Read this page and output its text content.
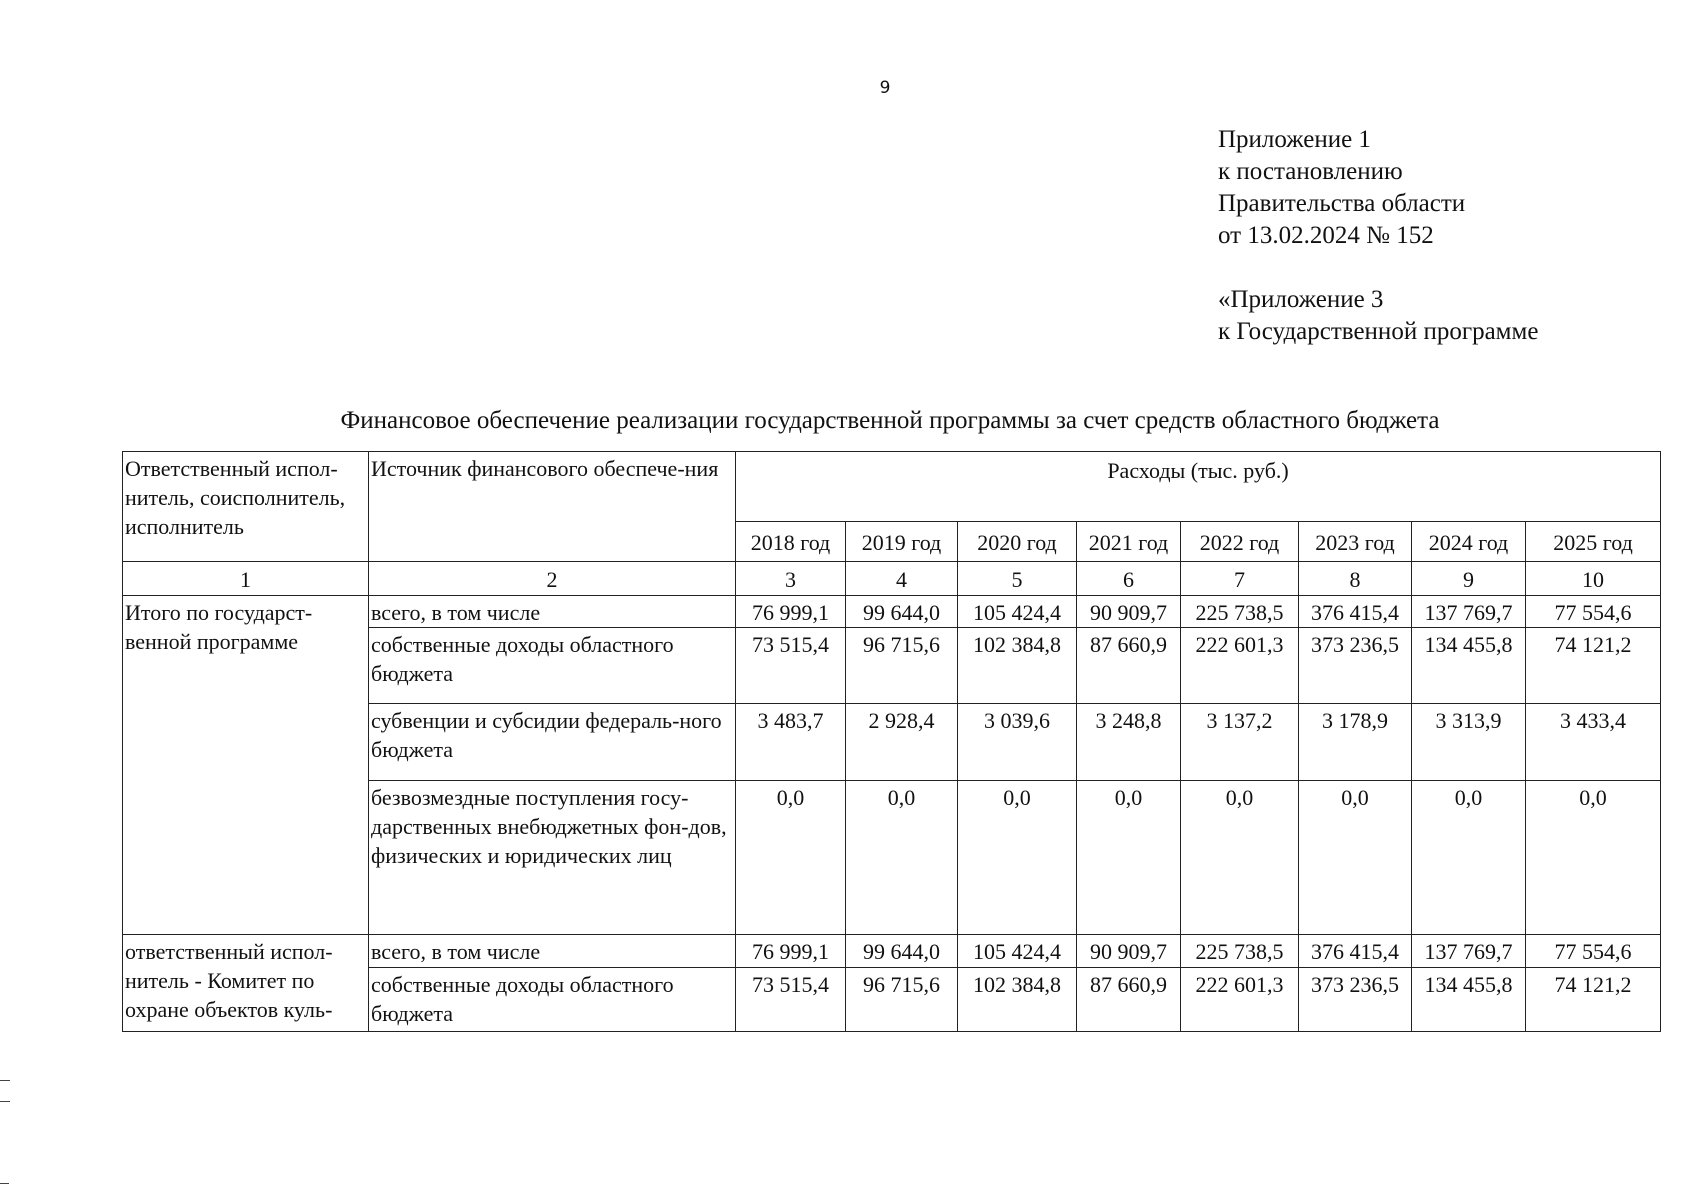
9
Приложение 1
к постановлению
Правительства области
от 13.02.2024 № 152
«Приложение 3
к Государственной программе
Финансовое обеспечение реализации государственной программы за счет средств областного бюджета
Ответственный испол-нитель, соисполнитель, исполнитель	Источник финансового обеспече-ния	Расходы (тыс. руб.)							
		2018 год	2019 год	2020 год	2021 год	2022 год	2023 год	2024 год	2025 год
1	2	3	4	5	6	7	8	9	10
Итого по государст-венной программе	всего, в том числе	76 999,1	99 644,0	105 424,4	90 909,7	225 738,5	376 415,4	137 769,7	77 554,6
	собственные доходы областного бюджета	73 515,4	96 715,6	102 384,8	87 660,9	222 601,3	373 236,5	134 455,8	74 121,2
	субвенции и субсидии федераль-ного бюджета	3 483,7	2 928,4	3 039,6	3 248,8	3 137,2	3 178,9	3 313,9	3 433,4
	безвозмездные поступления госу-дарственных внебюджетных фон-дов, физических и юридических лиц	0,0	0,0	0,0	0,0	0,0	0,0	0,0	0,0
ответственный испол-нитель - Комитет по охране объектов куль-	всего, в том числе	76 999,1	99 644,0	105 424,4	90 909,7	225 738,5	376 415,4	137 769,7	77 554,6
	собственные доходы областного бюджета	73 515,4	96 715,6	102 384,8	87 660,9	222 601,3	373 236,5	134 455,8	74 121,2
